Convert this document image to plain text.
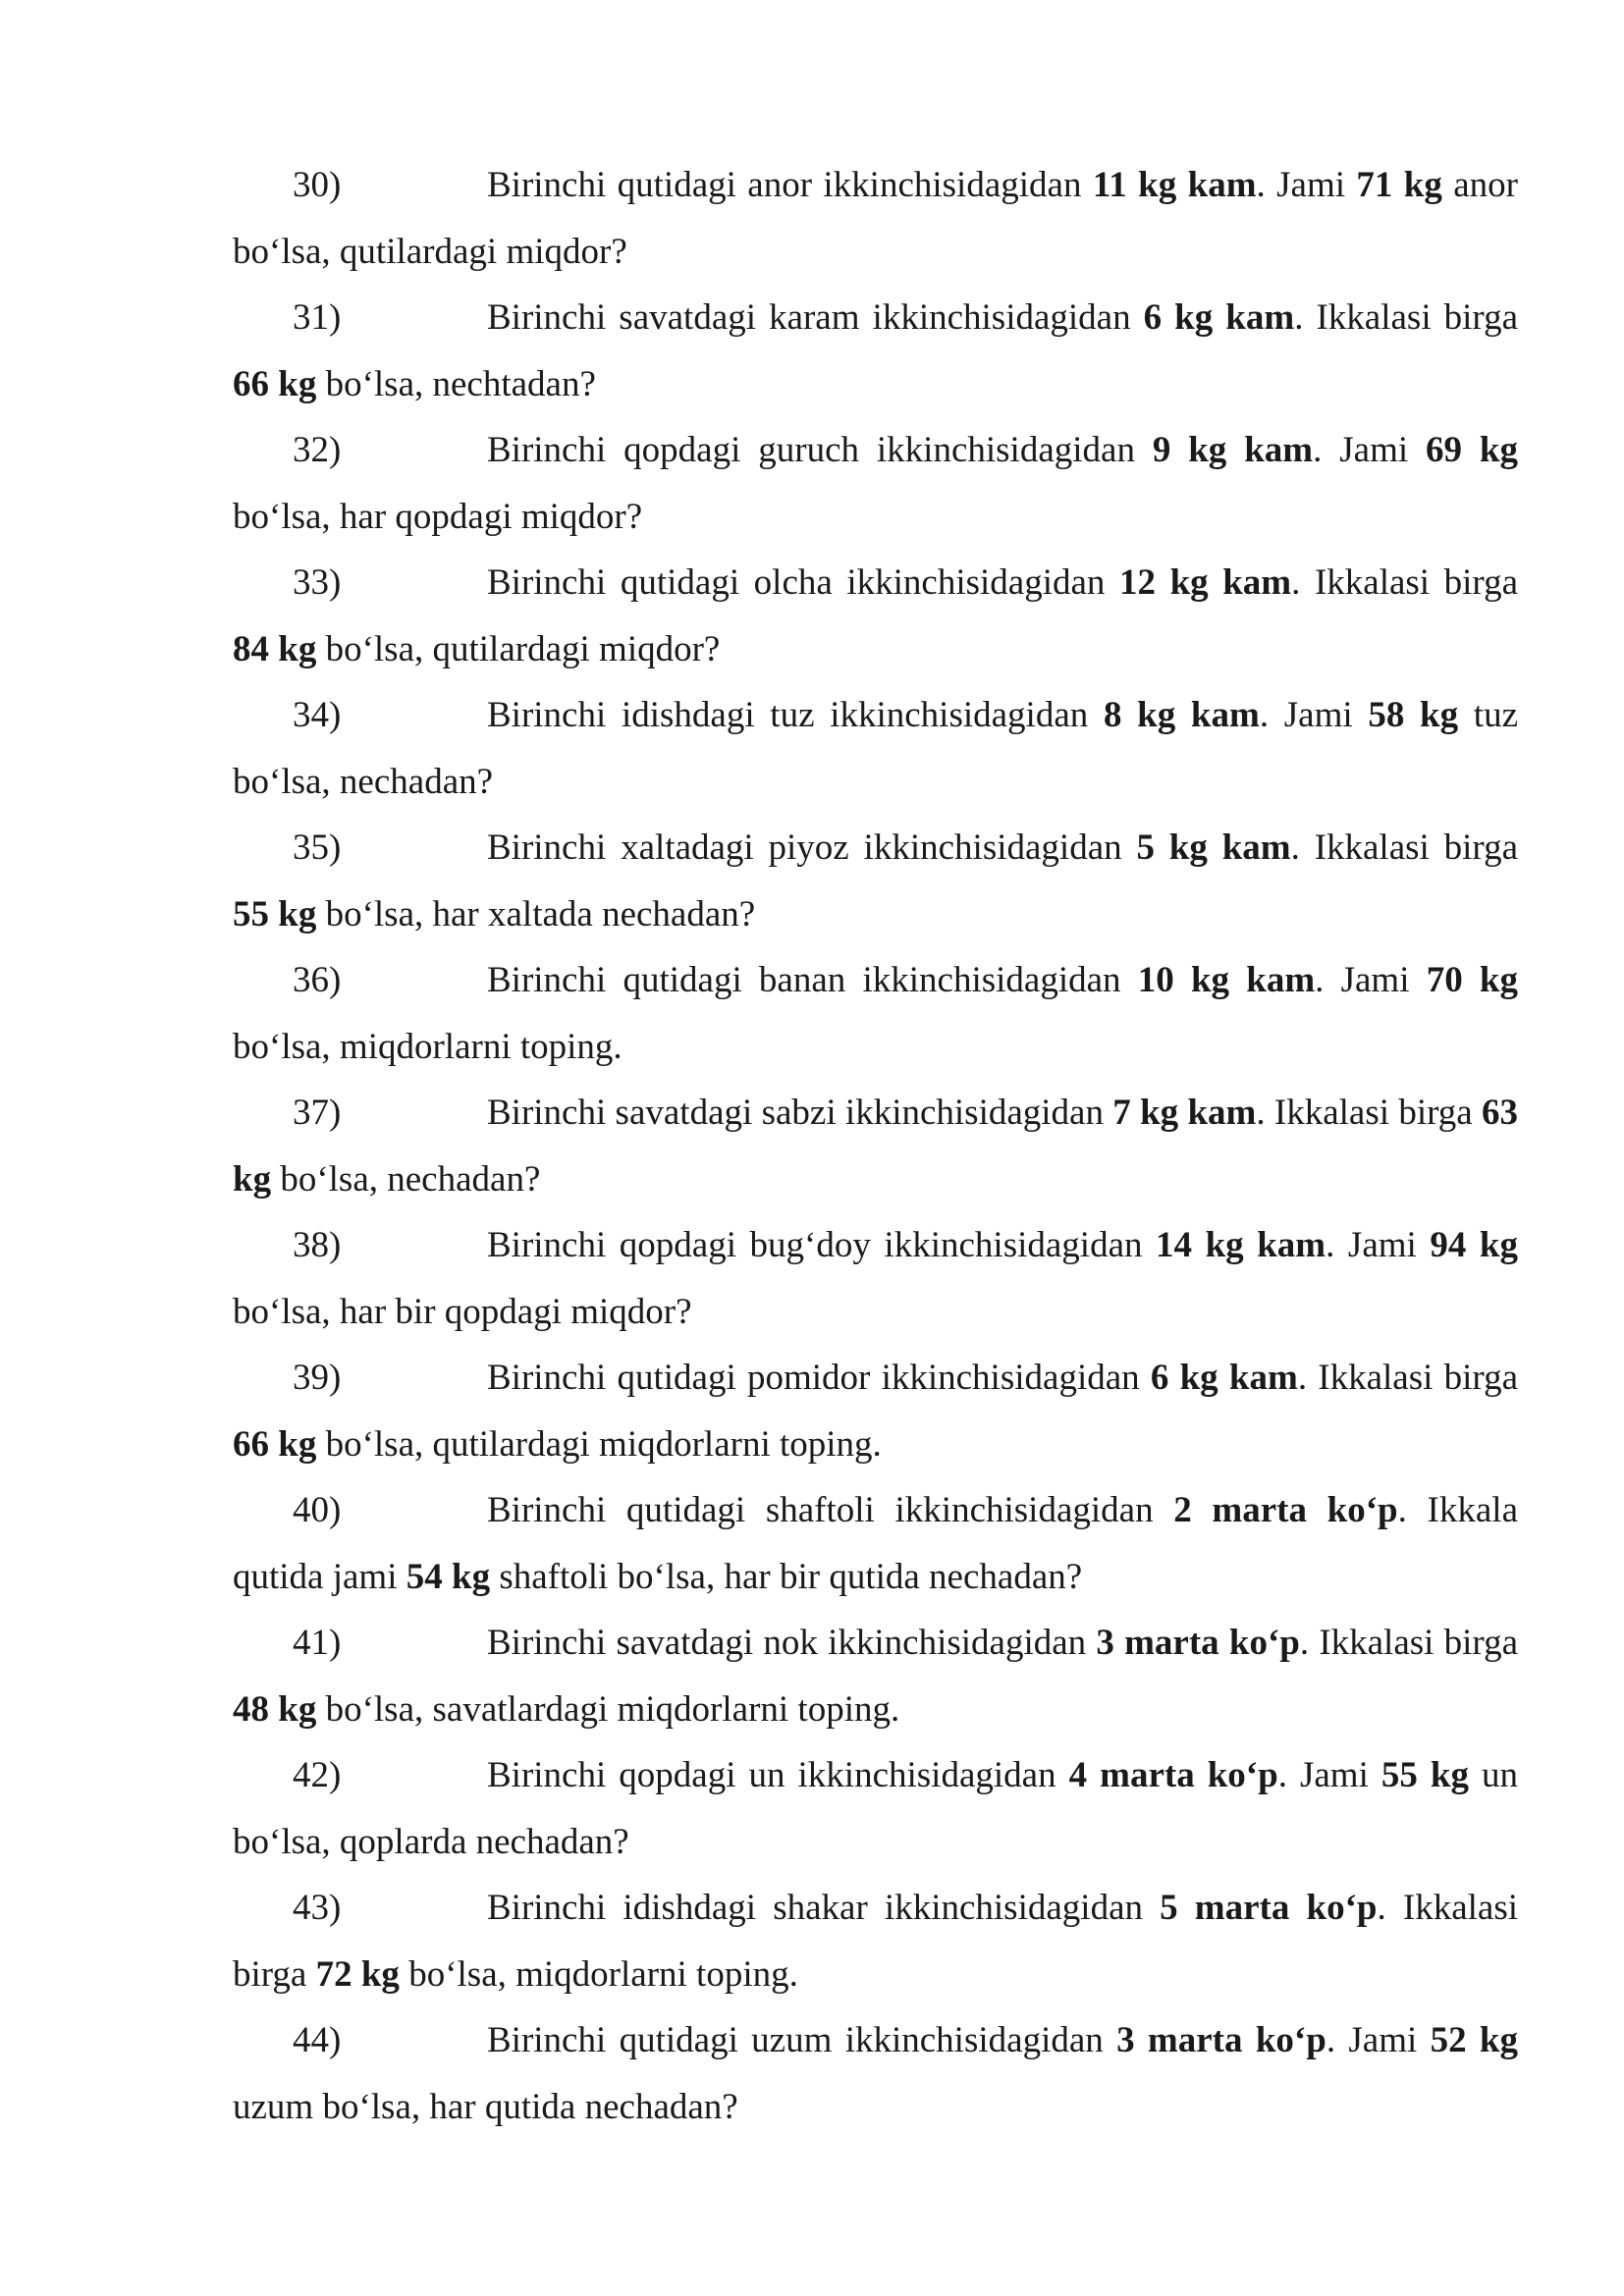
30)	Birinchi qutidagi anor ikkinchisidagidan 11 kg kam. Jami 71 kg anor bo‘lsa, qutilardagi miqdor?

31)	Birinchi savatdagi karam ikkinchisidagidan 6 kg kam. Ikkalasi birga 66 kg bo‘lsa, nechtadan?

32)	Birinchi qopdagi guruch ikkinchisidagidan 9 kg kam. Jami 69 kg bo‘lsa, har qopdagi miqdor?

33)	Birinchi qutidagi olcha ikkinchisidagidan 12 kg kam. Ikkalasi birga 84 kg bo‘lsa, qutilardagi miqdor?

34)	Birinchi idishdagi tuz ikkinchisidagidan 8 kg kam. Jami 58 kg tuz bo‘lsa, nechadan?

35)	Birinchi xaltadagi piyoz ikkinchisidagidan 5 kg kam. Ikkalasi birga 55 kg bo‘lsa, har xaltada nechadan?

36)	Birinchi qutidagi banan ikkinchisidagidan 10 kg kam. Jami 70 kg bo‘lsa, miqdorlarni toping.

37)	Birinchi savatdagi sabzi ikkinchisidagidan 7 kg kam. Ikkalasi birga 63 kg bo‘lsa, nechadan?

38)	Birinchi qopdagi bug‘doy ikkinchisidagidan 14 kg kam. Jami 94 kg bo‘lsa, har bir qopdagi miqdor?

39)	Birinchi qutidagi pomidor ikkinchisidagidan 6 kg kam. Ikkalasi birga 66 kg bo‘lsa, qutilardagi miqdorlarni toping.

40)	Birinchi qutidagi shaftoli ikkinchisidagidan 2 marta ko‘p. Ikkala qutida jami 54 kg shaftoli bo‘lsa, har bir qutida nechadan?

41)	Birinchi savatdagi nok ikkinchisidagidan 3 marta ko‘p. Ikkalasi birga 48 kg bo‘lsa, savatlardagi miqdorlarni toping.

42)	Birinchi qopdagi un ikkinchisidagidan 4 marta ko‘p. Jami 55 kg un bo‘lsa, qoplarda nechadan?

43)	Birinchi idishdagi shakar ikkinchisidagidan 5 marta ko‘p. Ikkalasi birga 72 kg bo‘lsa, miqdorlarni toping.

44)	Birinchi qutidagi uzum ikkinchisidagidan 3 marta ko‘p. Jami 52 kg uzum bo‘lsa, har qutida nechadan?
